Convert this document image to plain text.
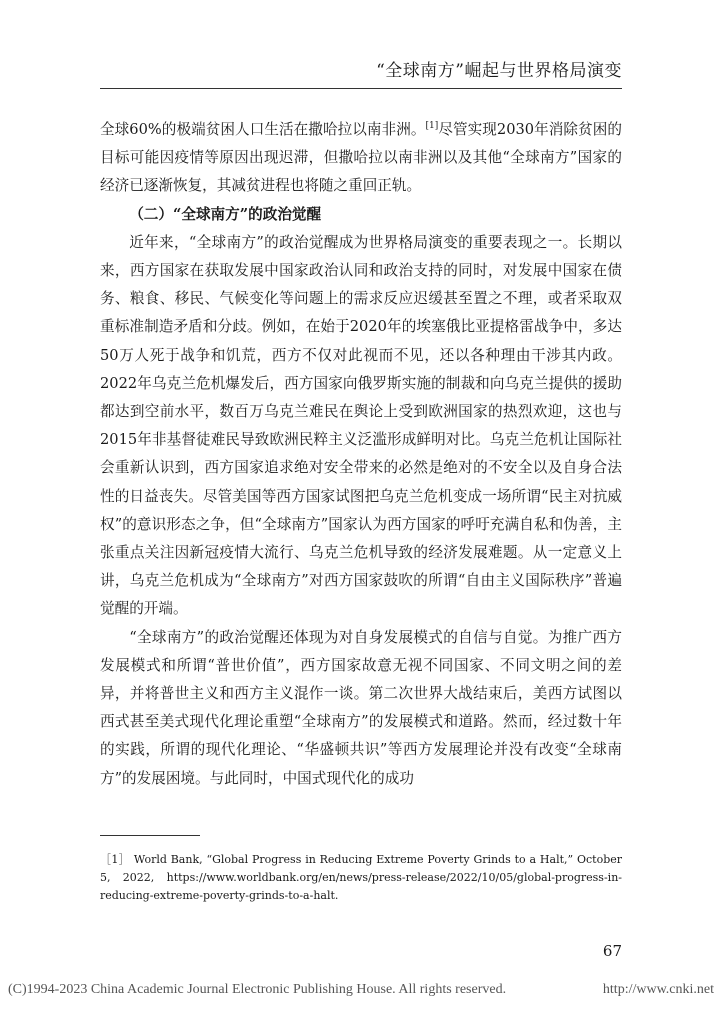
“全球南方”崛起与世界格局演变

全球60%的极端贫困人口生活在撒哈拉以南非洲。[1]尽管实现2030年消除贫困的目标可能因疫情等原因出现迟滞，但撒哈拉以南非洲以及其他“全球南方”国家的经济已逐渐恢复，其减贫进程也将随之重回正轨。

（二）“全球南方”的政治觉醒

近年来，“全球南方”的政治觉醒成为世界格局演变的重要表现之一。长期以来，西方国家在获取发展中国家政治认同和政治支持的同时，对发展中国家在债务、粮食、移民、气候变化等问题上的需求反应迟缓甚至置之不理，或者采取双重标准制造矛盾和分歧。例如，在始于2020年的埃塞俄比亚提格雷战争中，多达50万人死于战争和饥荒，西方不仅对此视而不见，还以各种理由干涉其内政。2022年乌克兰危机爆发后，西方国家向俄罗斯实施的制裁和向乌克兰提供的援助都达到空前水平，数百万乌克兰难民在舆论上受到欧洲国家的热烈欢迎，这也与2015年非基督徒难民导致欧洲民粹主义泛滥形成鲜明对比。乌克兰危机让国际社会重新认识到，西方国家追求绝对安全带来的必然是绝对的不安全以及自身合法性的日益丧失。尽管美国等西方国家试图把乌克兰危机变成一场所谓“民主对抗威权”的意识形态之争，但“全球南方”国家认为西方国家的呼吁充满自私和伪善，主张重点关注因新冠疫情大流行、乌克兰危机导致的经济发展难题。从一定意义上讲，乌克兰危机成为“全球南方”对西方国家鼓吹的所谓“自由主义国际秩序”普遍觉醒的开端。

“全球南方”的政治觉醒还体现为对自身发展模式的自信与自觉。为推广西方发展模式和所谓“普世价值”，西方国家故意无视不同国家、不同文明之间的差异，并将普世主义和西方主义混作一谈。第二次世界大战结束后，美西方试图以西式甚至美式现代化理论重塑“全球南方”的发展模式和道路。然而，经过数十年的实践，所谓的现代化理论、“华盛顿共识”等西方发展理论并没有改变“全球南方”的发展困境。与此同时，中国式现代化的成功

［1］ World Bank, “Global Progress in Reducing Extreme Poverty Grinds to a Halt,” October 5, 2022, https://www.worldbank.org/en/news/press-release/2022/10/05/global-progress-in-reducing-extreme-poverty-grinds-to-a-halt.
67
(C)1994-2023 China Academic Journal Electronic Publishing House. All rights reserved.	http://www.cnki.net
